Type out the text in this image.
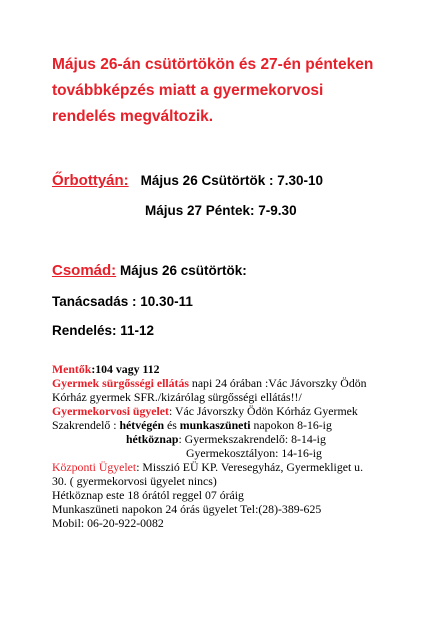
Május 26-án csütörtökön és 27-én pénteken
továbbképzés miatt a gyermekorvosi
rendelés megváltozik.
Őrbottyán: Május 26 Csütörtök : 7.30-10
Május 27 Péntek: 7-9.30
Csomád: Május 26 csütörtök:
Tanácsadás : 10.30-11
Rendelés: 11-12
Mentők:104 vagy 112
Gyermek sürgősségi ellátás napi 24 órában :Vác Jávorszky Ödön
Kórház gyermek SFR./kizárólag sürgősségi ellátás!!/
Gyermekorvosi ügyelet: Vác Jávorszky Ödön Kórház Gyermek
Szakrendelő : hétvégén és munkaszüneti napokon 8-16-ig
hétköznap: Gyermekszakrendelő: 8-14-ig
Gyermekosztályon: 14-16-ig
Központi Ügyelet: Misszió EÜ KP. Veresegyház, Gyermekliget u.
30. ( gyermekorvosi ügyelet nincs)
Hétköznap este 18 órától reggel 07 óráig
Munkaszüneti napokon 24 órás ügyelet Tel:(28)-389-625
Mobil: 06-20-922-0082
